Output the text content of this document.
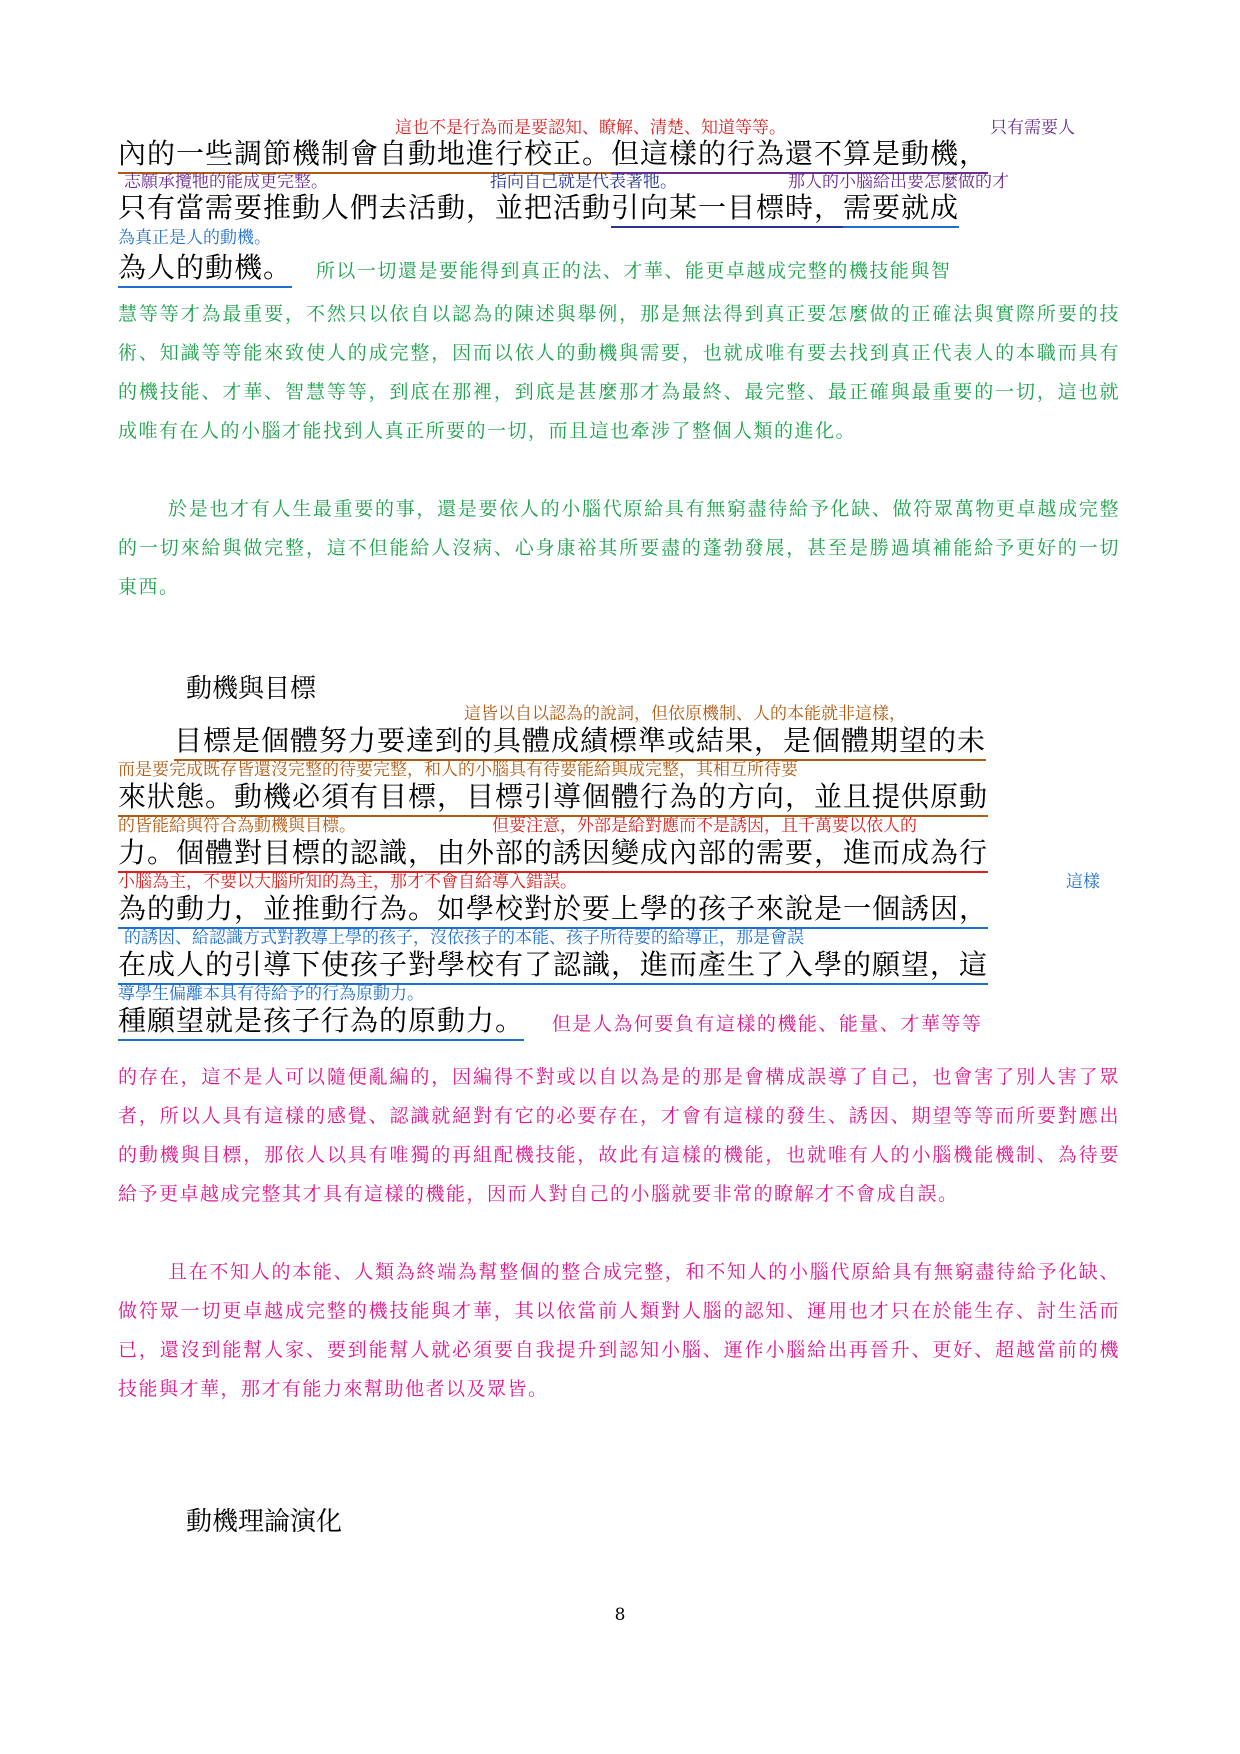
這也不是行為而是要認知、瞭解、清楚、知道等等。	只有需要人
內的一些調節機制會自動地進行校正。但這樣的行為還不算是動機，
志願承攬牠的能成更完整。	指向自己就是代表著牠。	那人的小腦給出要怎麼做的才
只有當需要推動人們去活動，並把活動引向某一目標時，需要就成
為真正是人的動機。
為人的動機。 所以一切還是要能得到真正的法、才華、能更卓越成完整的機技能與智
慧等等才為最重要，不然只以依自以認為的陳述與舉例，那是無法得到真正要怎麼做的正確法與實際所要的技術、知識等等能來致使人的成完整，因而以依人的動機與需要，也就成唯有要去找到真正代表人的本職而具有的機技能、才華、智慧等等，到底在那裡，到底是甚麼那才為最終、最完整、最正確與最重要的一切，這也就成唯有在人的小腦才能找到人真正所要的一切，而且這也牽涉了整個人類的進化。
於是也才有人生最重要的事，還是要依人的小腦代原給具有無窮盡待給予化缺、做符眾萬物更卓越成完整的一切來給與做完整，這不但能給人沒病、心身康裕其所要盡的蓬勃發展，甚至是勝過填補能給予更好的一切東西。
動機與目標
這皆以自以認為的說詞，但依原機制、人的本能就非這樣，
目標是個體努力要達到的具體成績標準或結果，是個體期望的未
而是要完成既存皆還沒完整的待要完整，和人的小腦具有待要能給與成完整，其相互所待要
來狀態。動機必須有目標，目標引導個體行為的方向，並且提供原動
的皆能給與符合為動機與目標。	但要注意，外部是給對應而不是誘因，且千萬要以依人的
力。個體對目標的認識，由外部的誘因變成內部的需要，進而成為行
小腦為主，不要以大腦所知的為主，那才不會自給導入錯誤。	這樣
為的動力，並推動行為。如學校對於要上學的孩子來說是一個誘因，
的誘因、給認識方式對教導上學的孩子，沒依孩子的本能、孩子所待要的給導正，那是會誤
在成人的引導下使孩子對學校有了認識，進而產生了入學的願望，這
導學生偏離本具有待給予的行為原動力。
種願望就是孩子行為的原動力。 但是人為何要負有這樣的機能、能量、才華等等
的存在，這不是人可以隨便亂編的，因編得不對或以自以為是的那是會構成誤導了自己，也會害了別人害了眾者，所以人具有這樣的感覺、認識就絕對有它的必要存在，才會有這樣的發生、誘因、期望等等而所要對應出的動機與目標，那依人以具有唯獨的再組配機技能，故此有這樣的機能，也就唯有人的小腦機能機制、為待要給予更卓越成完整其才具有這樣的機能，因而人對自己的小腦就要非常的瞭解才不會成自誤。
且在不知人的本能、人類為終端為幫整個的整合成完整，和不知人的小腦代原給具有無窮盡待給予化缺、做符眾一切更卓越成完整的機技能與才華，其以依當前人類對人腦的認知、運用也才只在於能生存、討生活而已，還沒到能幫人家、要到能幫人就必須要自我提升到認知小腦、運作小腦給出再晉升、更好、超越當前的機技能與才華，那才有能力來幫助他者以及眾皆。
動機理論演化
8
